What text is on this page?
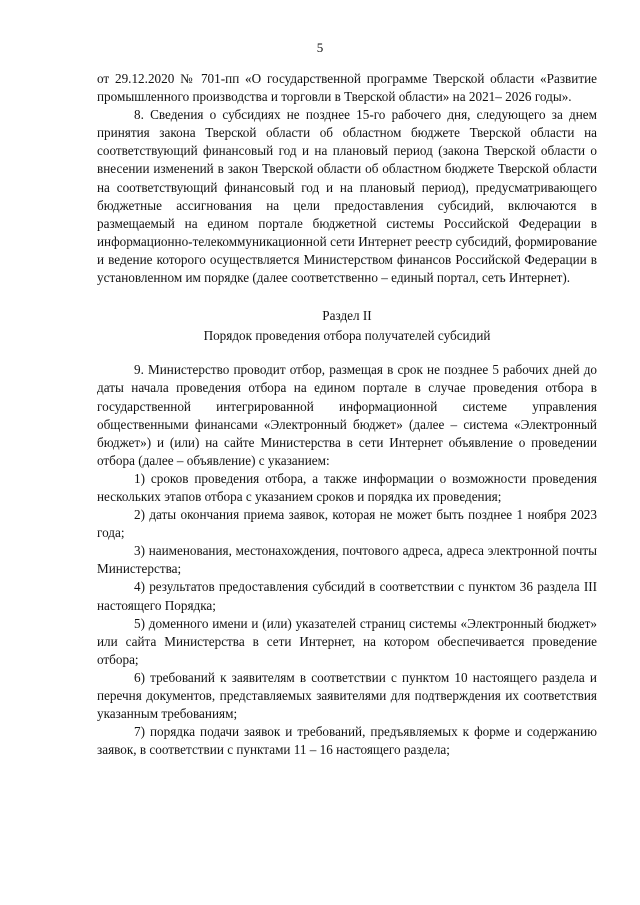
5

от 29.12.2020 № 701-пп «О государственной программе Тверской области «Развитие промышленного производства и торговли в Тверской области» на 2021– 2026 годы».

8. Сведения о субсидиях не позднее 15-го рабочего дня, следующего за днем принятия закона Тверской области об областном бюджете Тверской области на соответствующий финансовый год и на плановый период (закона Тверской области о внесении изменений в закон Тверской области об областном бюджете Тверской области на соответствующий финансовый год и на плановый период), предусматривающего бюджетные ассигнования на цели предоставления субсидий, включаются в размещаемый на едином портале бюджетной системы Российской Федерации в информационно-телекоммуникационной сети Интернет реестр субсидий, формирование и ведение которого осуществляется Министерством финансов Российской Федерации в установленном им порядке (далее соответственно – единый портал, сеть Интернет).

Раздел II

Порядок проведения отбора получателей субсидий

9. Министерство проводит отбор, размещая в срок не позднее 5 рабочих дней до даты начала проведения отбора на едином портале в случае проведения отбора в государственной интегрированной информационной системе управления общественными финансами «Электронный бюджет» (далее – система «Электронный бюджет») и (или) на сайте Министерства в сети Интернет объявление о проведении отбора (далее – объявление) с указанием:

1) сроков проведения отбора, а также информации о возможности проведения нескольких этапов отбора с указанием сроков и порядка их проведения;

2) даты окончания приема заявок, которая не может быть позднее 1 ноября 2023 года;

3) наименования, местонахождения, почтового адреса, адреса электронной почты Министерства;

4) результатов предоставления субсидий в соответствии с пунктом 36 раздела III настоящего Порядка;

5) доменного имени и (или) указателей страниц системы «Электронный бюджет» или сайта Министерства в сети Интернет, на котором обеспечивается проведение отбора;

6) требований к заявителям в соответствии с пунктом 10 настоящего раздела и перечня документов, представляемых заявителями для подтверждения их соответствия указанным требованиям;

7) порядка подачи заявок и требований, предъявляемых к форме и содержанию заявок, в соответствии с пунктами 11 – 16 настоящего раздела;
